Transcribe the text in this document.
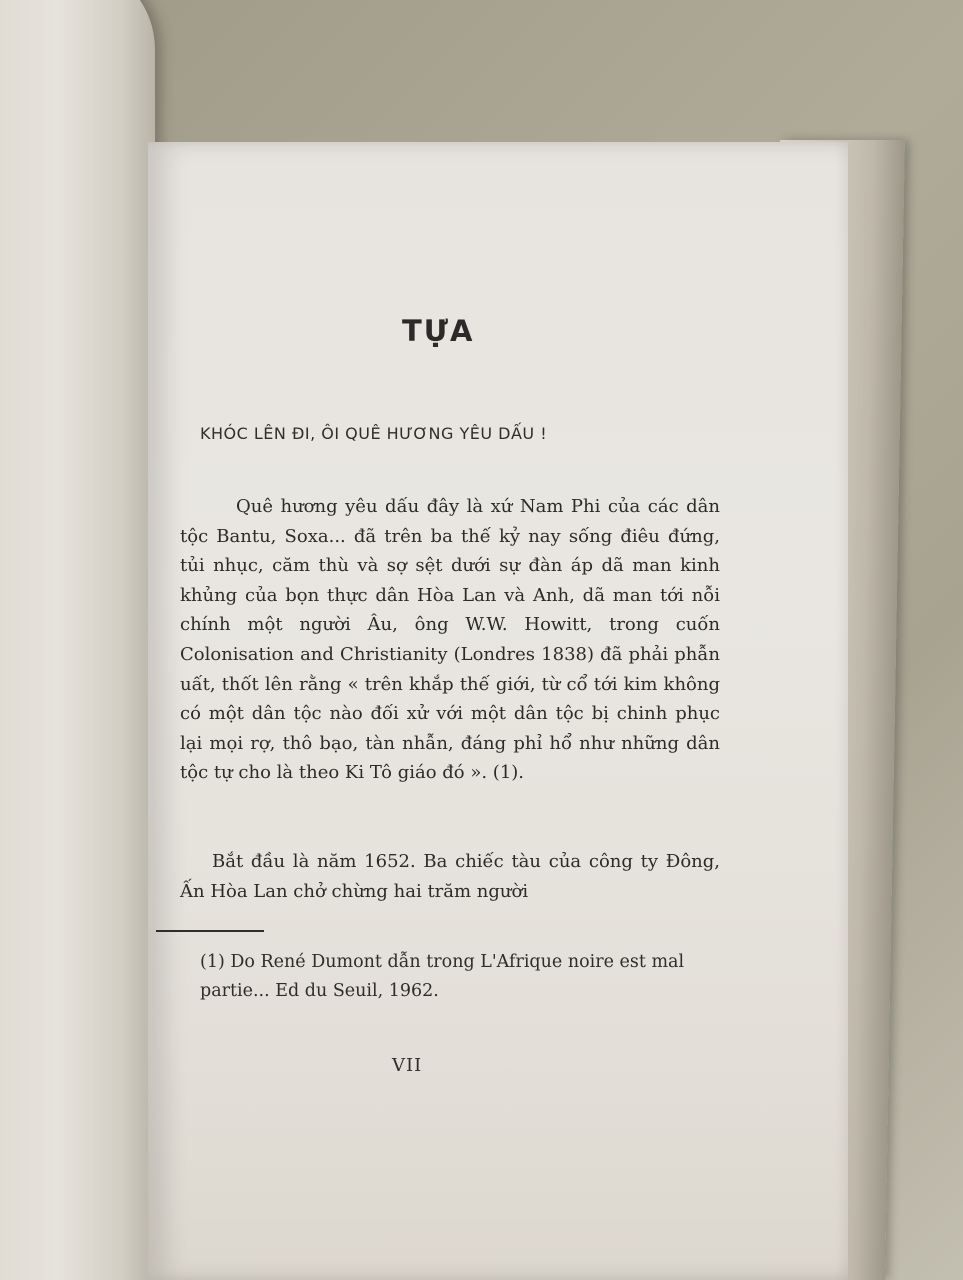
TỰA
KHÓC LÊN ĐI, ÔI QUÊ HƯƠNG YÊU DẤU !

Quê hương yêu dấu đây là xứ Nam Phi của các dân tộc Bantu, Soxa... đã trên ba thế kỷ nay sống điêu đứng, tủi nhục, căm thù và sợ sệt dưới sự đàn áp dã man kinh khủng của bọn thực dân Hòa Lan và Anh, dã man tới nỗi chính một người Âu, ông W.W. Howitt, trong cuốn Colonisation and Christianity (Londres 1838) đã phải phẫn uất, thốt lên rằng « trên khắp thế giới, từ cổ tới kim không có một dân tộc nào đối xử với một dân tộc bị chinh phục lại mọi rợ, thô bạo, tàn nhẫn, đáng phỉ hổ như những dân tộc tự cho là theo Ki Tô giáo đó ». (1).

Bắt đầu là năm 1652. Ba chiếc tàu của công ty Đông, Ấn Hòa Lan chở chừng hai trăm người

(1) Do René Dumont dẫn trong L'Afrique noire est mal partie... Ed du Seuil, 1962.
VII
